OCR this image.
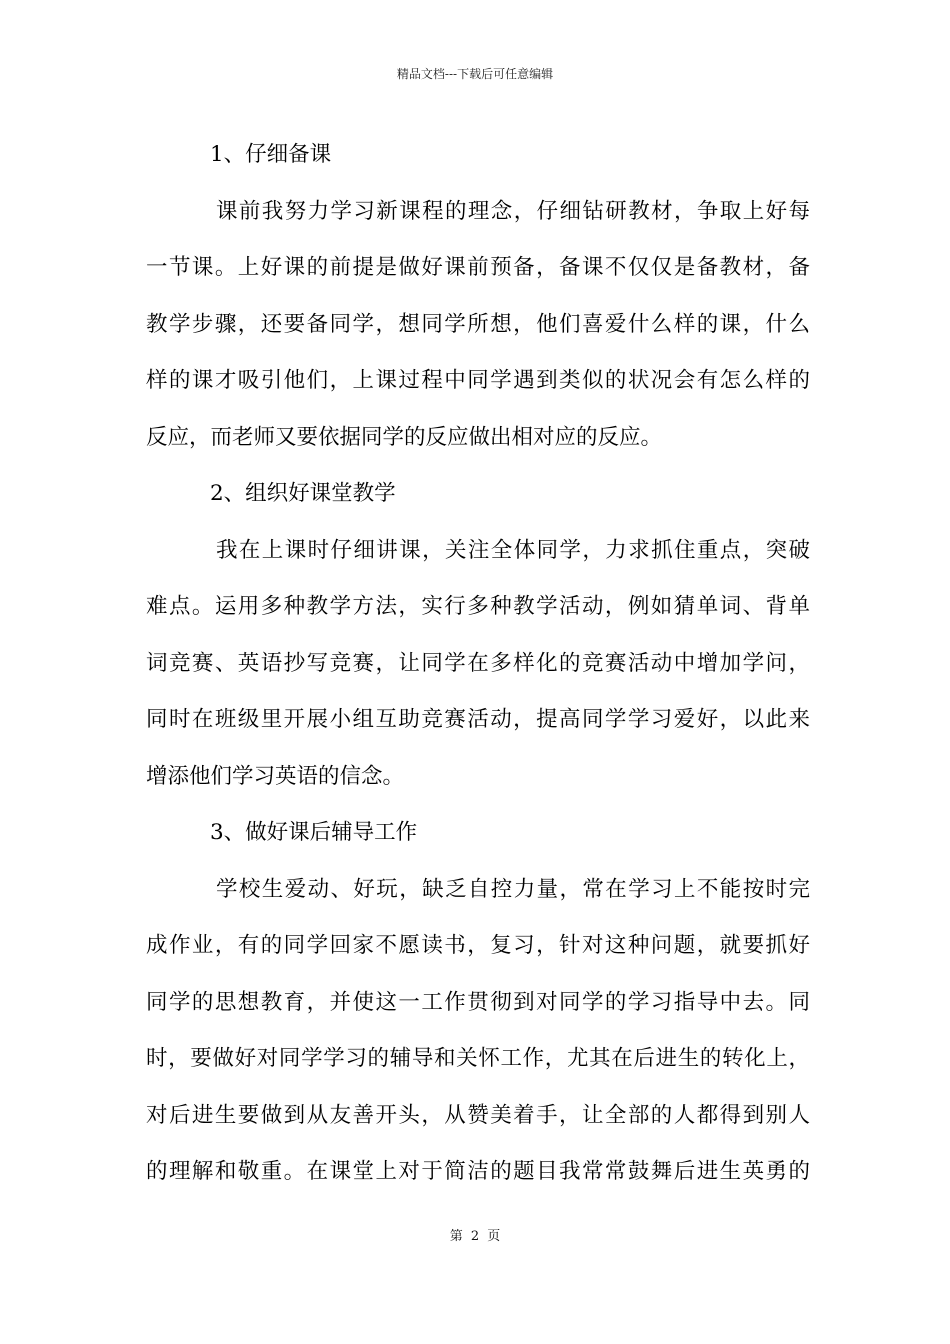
精品文档---下载后可任意编辑
1、仔细备课
课前我努力学习新课程的理念，仔细钻研教材，争取上好每
一节课。上好课的前提是做好课前预备，备课不仅仅是备教材，备
教学步骤，还要备同学，想同学所想，他们喜爱什么样的课，什么
样的课才吸引他们，上课过程中同学遇到类似的状况会有怎么样的
反应，而老师又要依据同学的反应做出相对应的反应。
2、组织好课堂教学
我在上课时仔细讲课，关注全体同学，力求抓住重点，突破
难点。运用多种教学方法，实行多种教学活动，例如猜单词、背单
词竞赛、英语抄写竞赛，让同学在多样化的竞赛活动中增加学问，
同时在班级里开展小组互助竞赛活动，提高同学学习爱好，以此来
增添他们学习英语的信念。
3、做好课后辅导工作
学校生爱动、好玩，缺乏自控力量，常在学习上不能按时完
成作业，有的同学回家不愿读书，复习，针对这种问题，就要抓好
同学的思想教育，并使这一工作贯彻到对同学的学习指导中去。同
时，要做好对同学学习的辅导和关怀工作，尤其在后进生的转化上，
对后进生要做到从友善开头，从赞美着手，让全部的人都得到别人
的理解和敬重。在课堂上对于简洁的题目我常常鼓舞后进生英勇的
第 2 页
